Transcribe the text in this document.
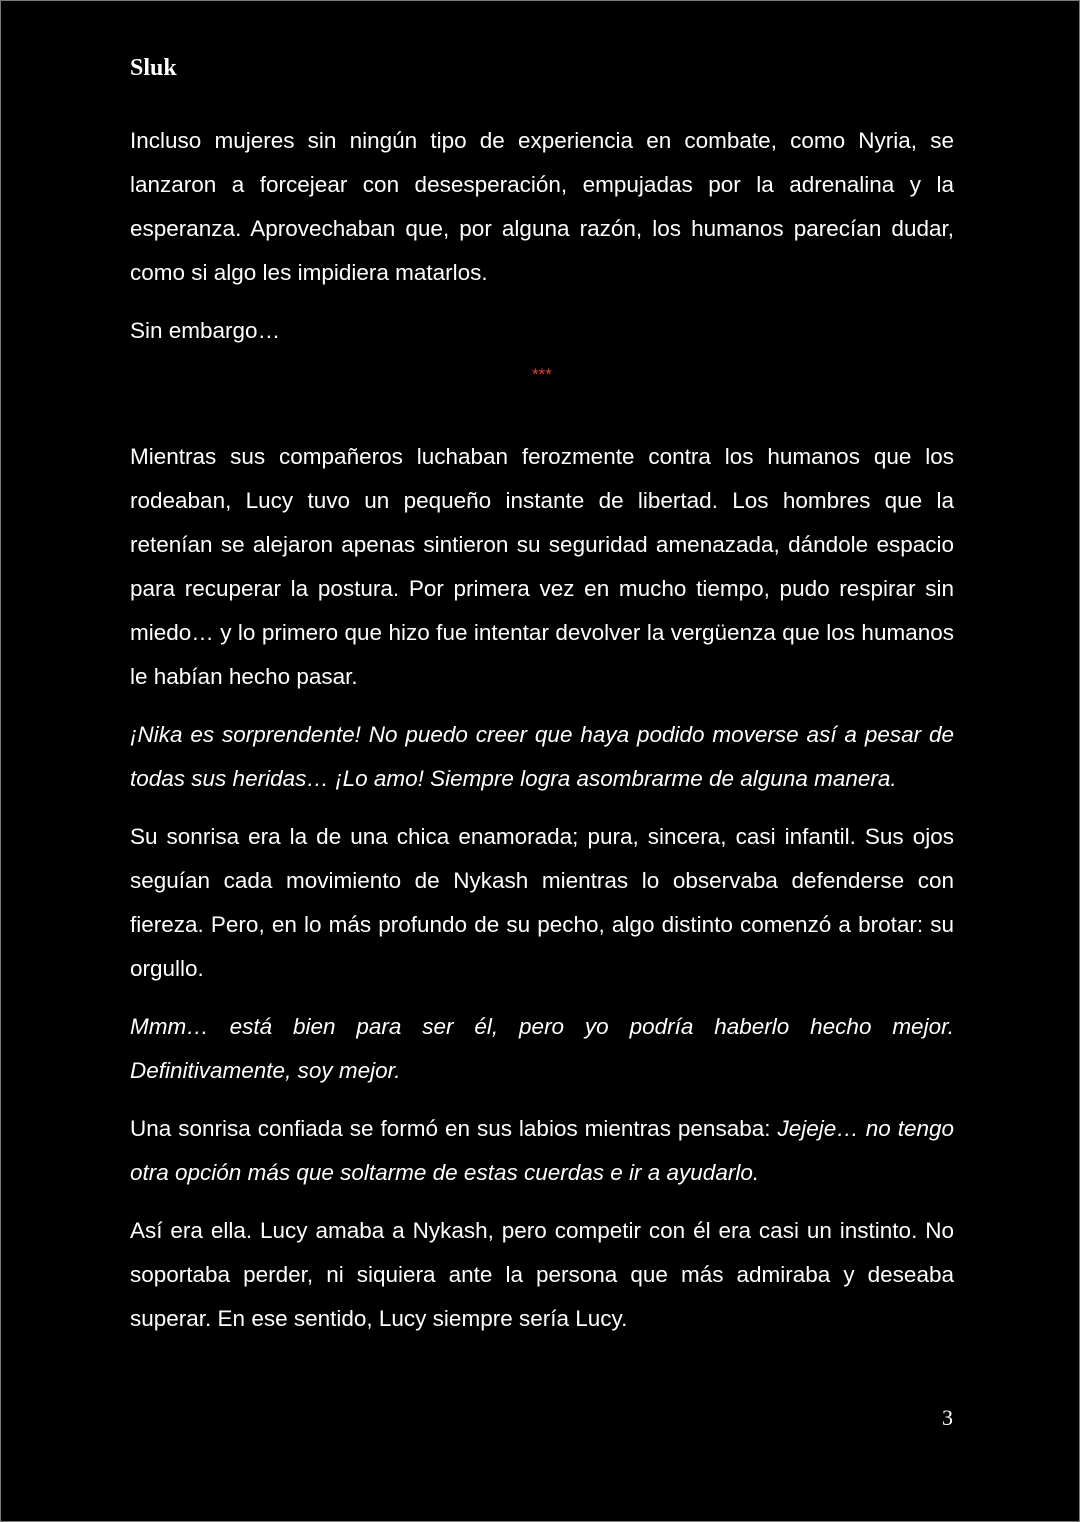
Sluk

Incluso mujeres sin ningún tipo de experiencia en combate, como Nyria, se lanzaron a forcejear con desesperación, empujadas por la adrenalina y la esperanza. Aprovechaban que, por alguna razón, los humanos parecían dudar, como si algo les impidiera matarlos.

Sin embargo…

***

Mientras sus compañeros luchaban ferozmente contra los humanos que los rodeaban, Lucy tuvo un pequeño instante de libertad. Los hombres que la retenían se alejaron apenas sintieron su seguridad amenazada, dándole espacio para recuperar la postura. Por primera vez en mucho tiempo, pudo respirar sin miedo… y lo primero que hizo fue intentar devolver la vergüenza que los humanos le habían hecho pasar.

¡Nika es sorprendente! No puedo creer que haya podido moverse así a pesar de todas sus heridas… ¡Lo amo! Siempre logra asombrarme de alguna manera.

Su sonrisa era la de una chica enamorada; pura, sincera, casi infantil. Sus ojos seguían cada movimiento de Nykash mientras lo observaba defenderse con fiereza. Pero, en lo más profundo de su pecho, algo distinto comenzó a brotar: su orgullo.

Mmm… está bien para ser él, pero yo podría haberlo hecho mejor. Definitivamente, soy mejor.

Una sonrisa confiada se formó en sus labios mientras pensaba: Jejeje… no tengo otra opción más que soltarme de estas cuerdas e ir a ayudarlo.

Así era ella. Lucy amaba a Nykash, pero competir con él era casi un instinto. No soportaba perder, ni siquiera ante la persona que más admiraba y deseaba superar. En ese sentido, Lucy siempre sería Lucy.

3
